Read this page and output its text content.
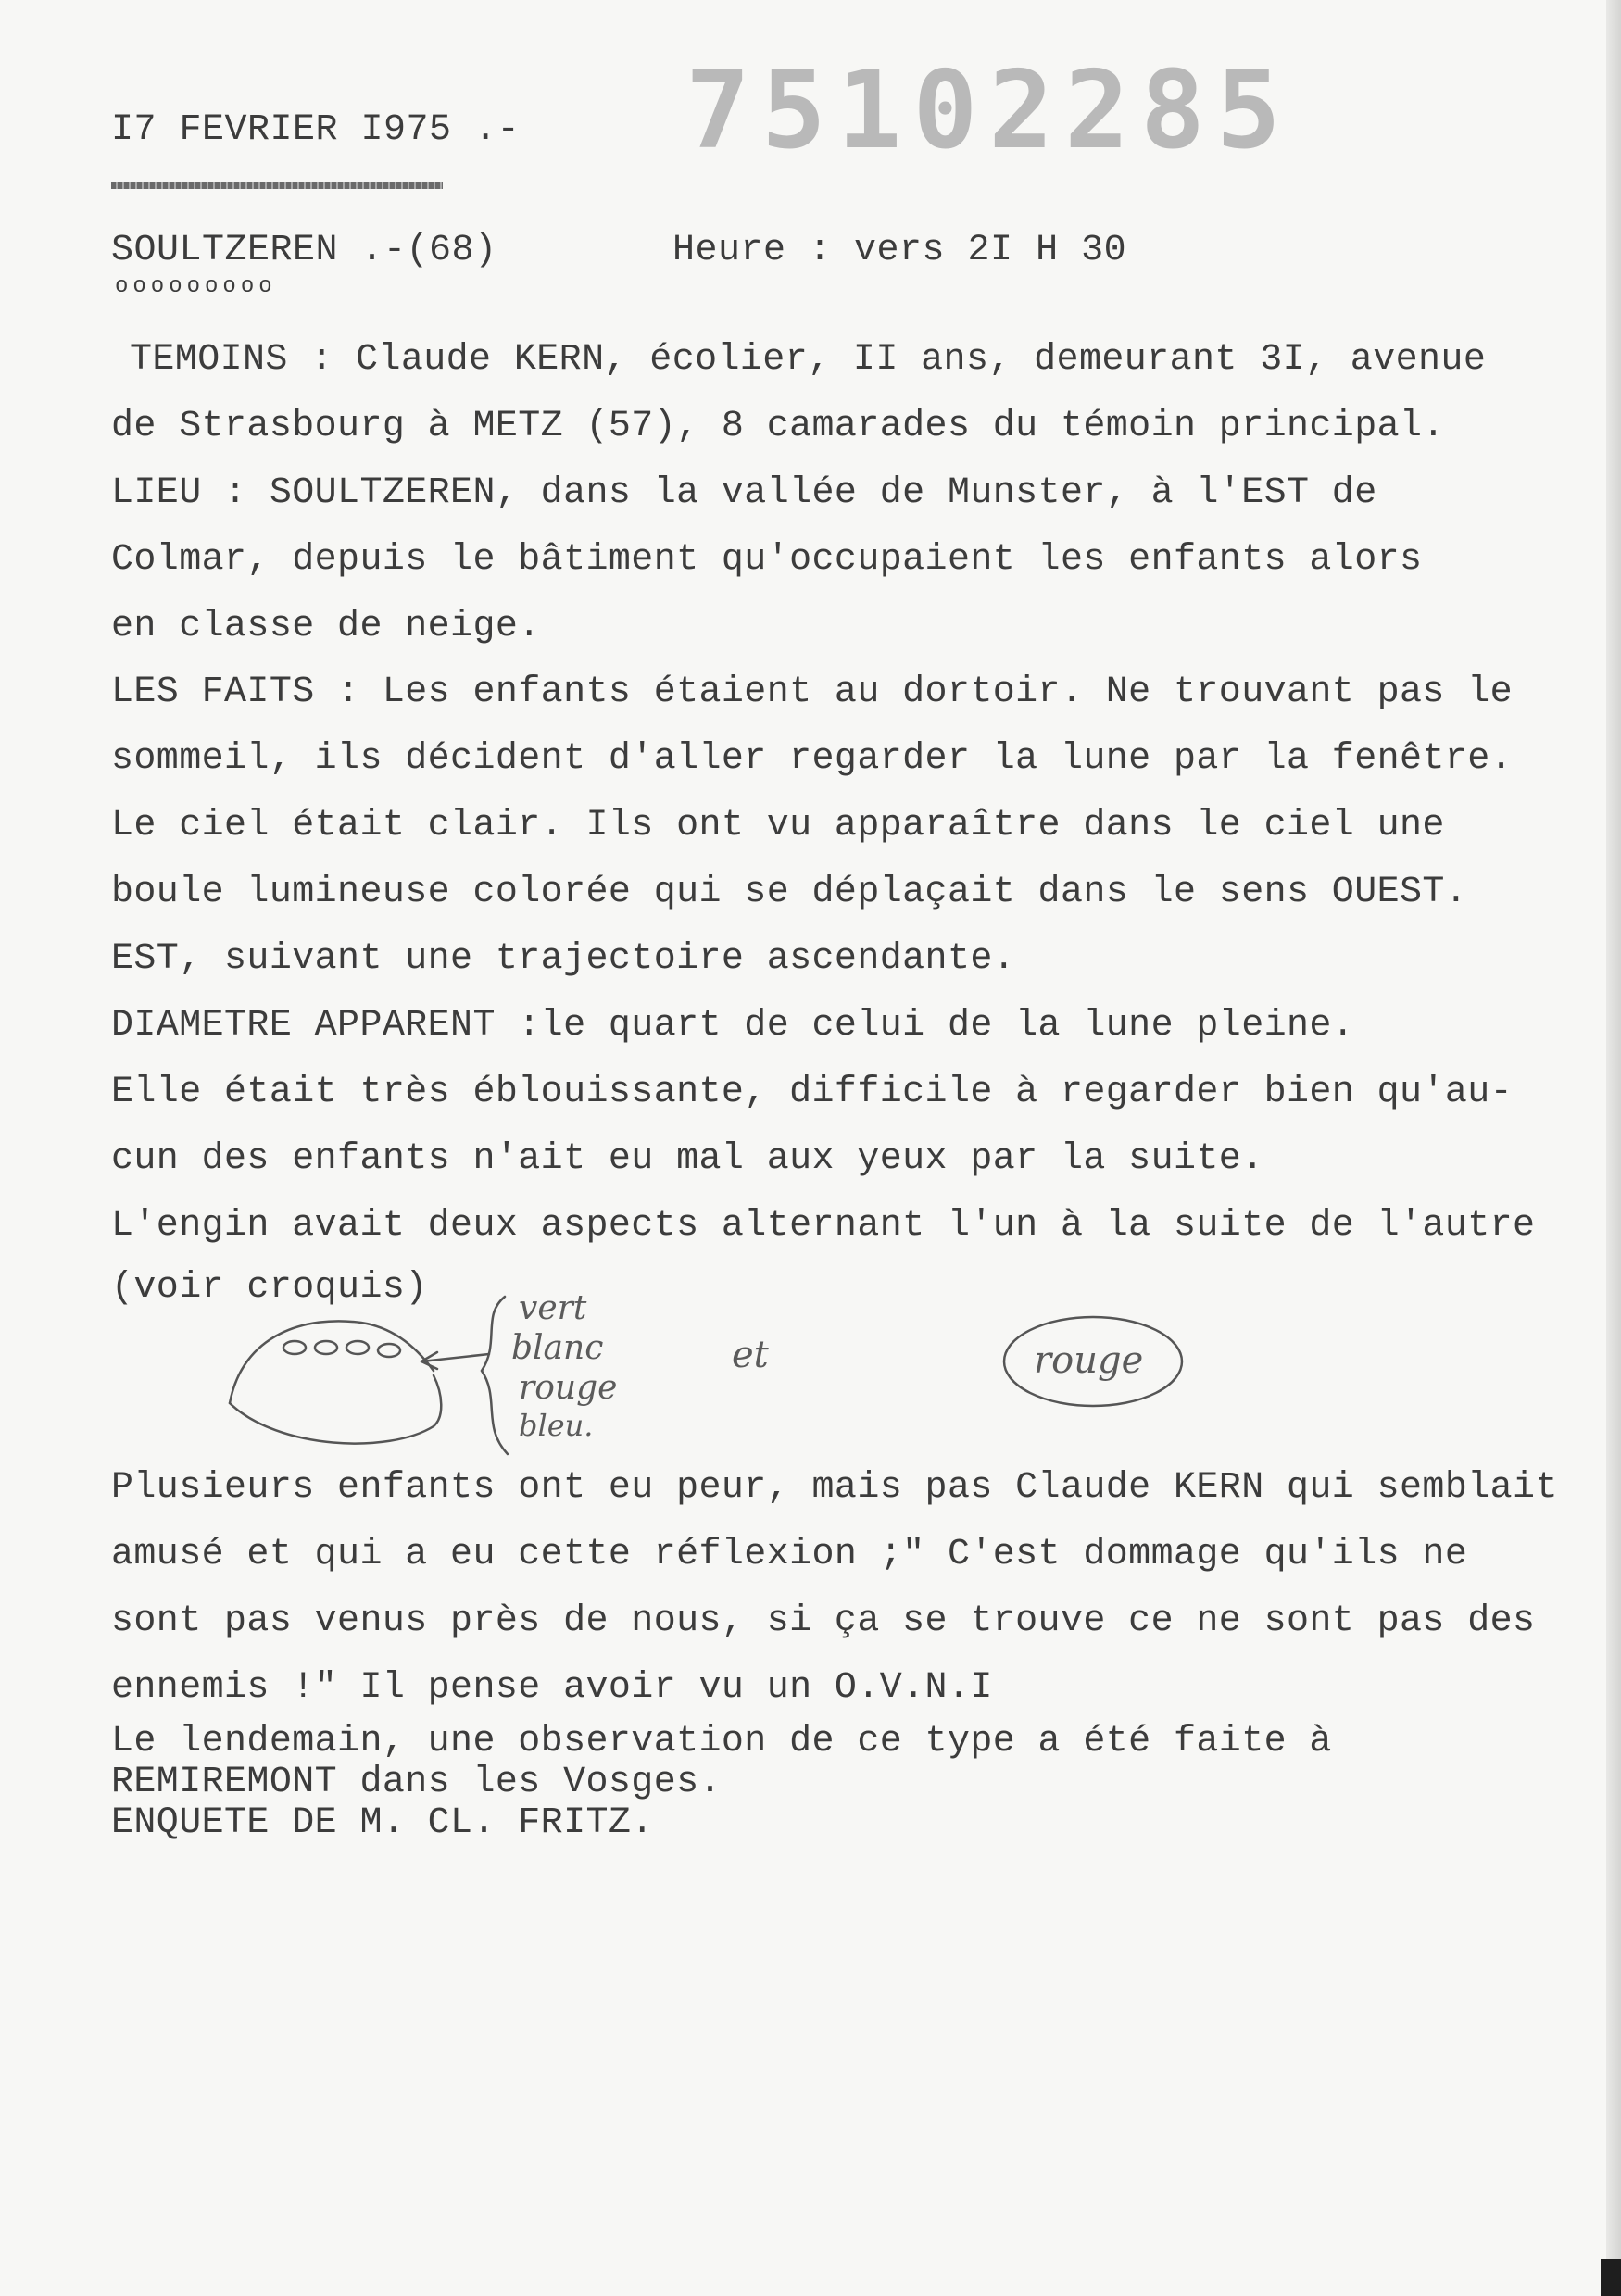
I7 FEVRIER I975 .- 75102285
SOULTZEREN .-(68)
ooooooooo
Heure : vers 2I H 30
TEMOINS : Claude KERN, écolier, II ans, demeurant 3I, avenue
de Strasbourg à METZ (57), 8 camarades du témoin principal.
LIEU : SOULTZEREN, dans la vallée de Munster, à l'EST de
Colmar, depuis le bâtiment qu'occupaient les enfants alors
en classe de neige.
LES FAITS : Les enfants étaient au dortoir. Ne trouvant pas le
sommeil, ils décident d'aller regarder la lune par la fenêtre.
Le ciel était clair. Ils ont vu apparaître dans le ciel une
boule lumineuse colorée qui se déplaçait dans le sens OUEST.
EST, suivant une trajectoire ascendante.
DIAMETRE APPARENT :le quart de celui de la lune pleine.
Elle était très éblouissante, difficile à regarder bien qu'au-
cun des enfants n'ait eu mal aux yeux par la suite.
L'engin avait deux aspects alternant l'un à la suite de l'autre
(voir croquis)	vert
blanc
rouge
bleu.
et	rouge
Plusieurs enfants ont eu peur, mais pas Claude KERN qui semblait
amusé et qui a eu cette réflexion ;" C'est dommage qu'ils ne
sont pas venus près de nous, si ça se trouve ce ne sont pas des
ennemis !" Il pense avoir vu un O.V.N.I
Le lendemain, une observation de ce type a été faite à
REMIREMONT dans les Vosges.
ENQUETE DE M. CL. FRITZ.
